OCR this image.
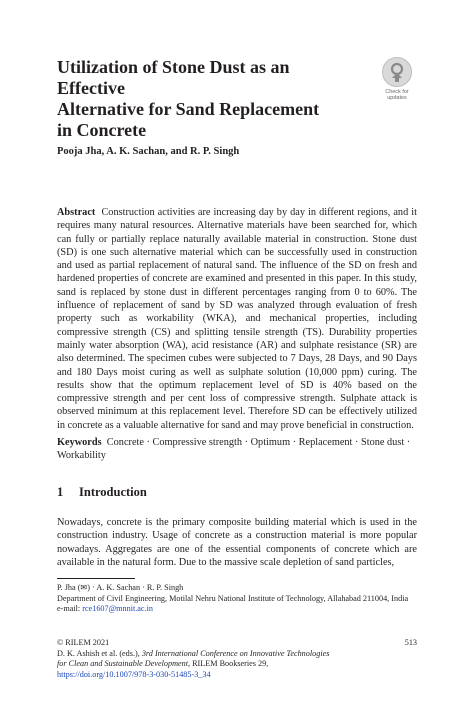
Utilization of Stone Dust as an Effective
Alternative for Sand Replacement
in Concrete
Check for
updates

Pooja Jha, A. K. Sachan, and R. P. Singh

Abstract Construction activities are increasing day by day in different regions, and it requires many natural resources. Alternative materials have been searched for, which can fully or partially replace naturally available material in construction. Stone dust (SD) is one such alternative material which can be successfully used in construction and used as partial replacement of natural sand. The influence of the SD on fresh and hardened properties of concrete are examined and presented in this paper. In this study, sand is replaced by stone dust in different percentages ranging from 0 to 60%. The influence of replacement of sand by SD was analyzed through evaluation of fresh property such as workability (WKA), and mechanical properties, including compressive strength (CS) and splitting tensile strength (TS). Durability properties mainly water absorption (WA), acid resistance (AR) and sulphate resistance (SR) are also determined. The specimen cubes were subjected to 7 Days, 28 Days, and 90 Days and 180 Days moist curing as well as sulphate solution (10,000 ppm) curing. The results show that the optimum replacement level of SD is 40% based on the compressive strength and per cent loss of compressive strength. Sulphate attack is observed minimum at this replacement level. Therefore SD can be effectively utilized in concrete as a valuable alternative for sand and may prove beneficial in construction.

Keywords Concrete · Compressive strength · Optimum · Replacement · Stone dust · Workability

1 Introduction

Nowadays, concrete is the primary composite building material which is used in the construction industry. Usage of concrete as a construction material is more popular nowadays. Aggregates are one of the essential components of concrete which are available in the natural form. Due to the massive scale depletion of sand particles,

P. Jha (✉) · A. K. Sachan · R. P. Singh
Department of Civil Engineering, Motilal Nehru National Institute of Technology, Allahabad 211004, India
e-mail: rce1607@mnnit.ac.in
© RILEM 2021	513
D. K. Ashish et al. (eds.), 3rd International Conference on Innovative Technologies
for Clean and Sustainable Development, RILEM Bookseries 29,
https://doi.org/10.1007/978-3-030-51485-3_34
